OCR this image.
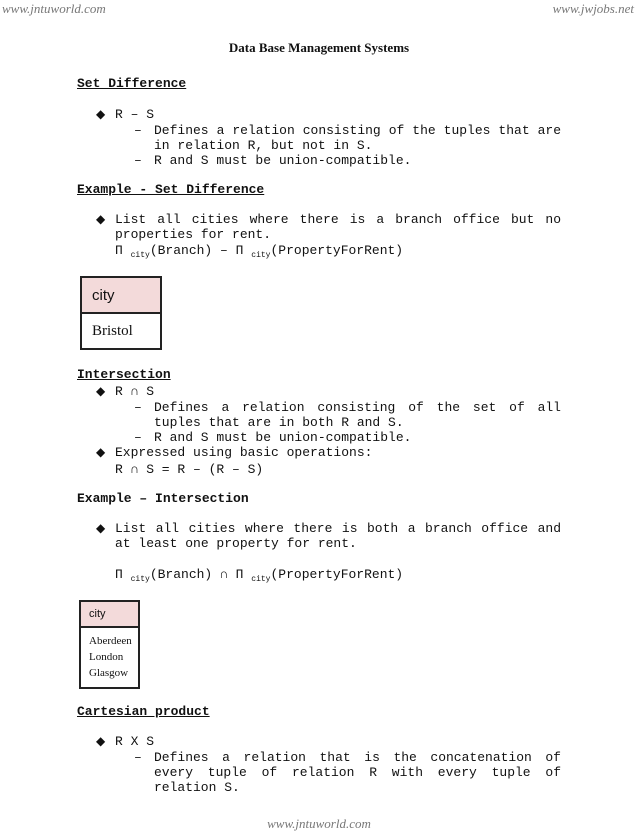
www.jntuworld.com	www.jwjobs.net
www.jntuworld.com
Data Base Management Systems
Set Difference
◆ R – S
– Defines a relation consisting of the tuples that are
in relation R, but not in S.
– R and S must be union-compatible.
Example - Set Difference
◆ List all cities where there is a branch office but no
properties for rent.
Π $_{city}$(Branch) – Π $_{city}$(PropertyForRent)
city
Bristol
Intersection
◆ R ∩ S
– Defines a relation consisting of the set of all
tuples that are in both R and S.
– R and S must be union-compatible.
◆ Expressed using basic operations:
R ∩ S = R – (R – S)
Example – Intersection
◆ List all cities where there is both a branch office and
at least one property for rent.
Π $_{city}$(Branch) ∩ Π $_{city}$(PropertyForRent)
city

Aberdeen
London
Glasgow
Cartesian product
◆ R X S
– Defines a relation that is the concatenation of
every tuple of relation R with every tuple of
relation S.
